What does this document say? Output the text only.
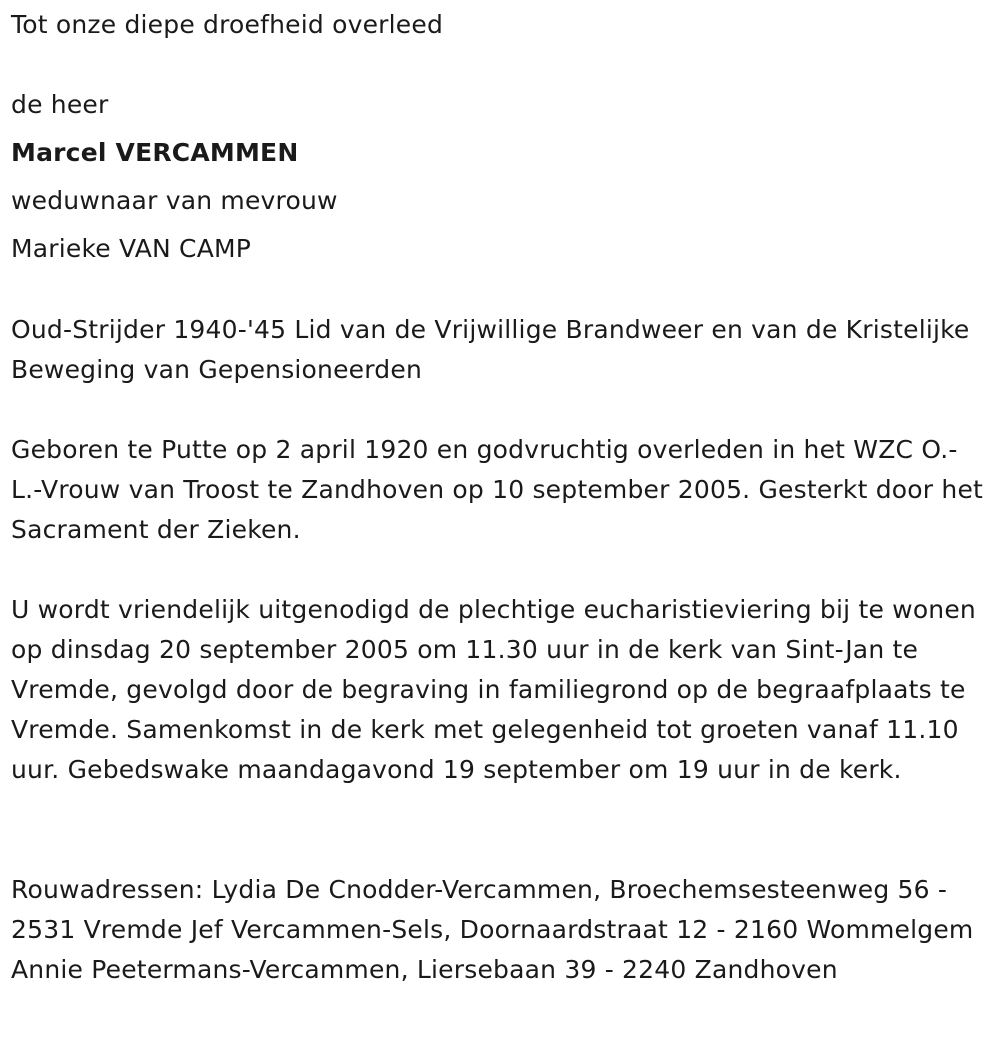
Tot onze diepe droefheid overleed

de heer

Marcel VERCAMMEN

weduwnaar van mevrouw

Marieke VAN CAMP

Oud-Strijder 1940-'45 Lid van de Vrijwillige Brandweer en van de Kristelijke Beweging van Gepensioneerden

Geboren te Putte op 2 april 1920 en godvruchtig overleden in het WZC O.-L.-Vrouw van Troost te Zandhoven op 10 september 2005. Gesterkt door het Sacrament der Zieken.

U wordt vriendelijk uitgenodigd de plechtige eucharistieviering bij te wonen op dinsdag 20 september 2005 om 11.30 uur in de kerk van Sint-Jan te Vremde, gevolgd door de begraving in familiegrond op de begraafplaats te Vremde. Samenkomst in de kerk met gelegenheid tot groeten vanaf 11.10 uur. Gebedswake maandagavond 19 september om 19 uur in de kerk.

Rouwadressen: Lydia De Cnodder-Vercammen, Broechemsesteenweg 56 - 2531 Vremde Jef Vercammen-Sels, Doornaardstraat 12 - 2160 Wommelgem Annie Peetermans-Vercammen, Liersebaan 39 - 2240 Zandhoven
